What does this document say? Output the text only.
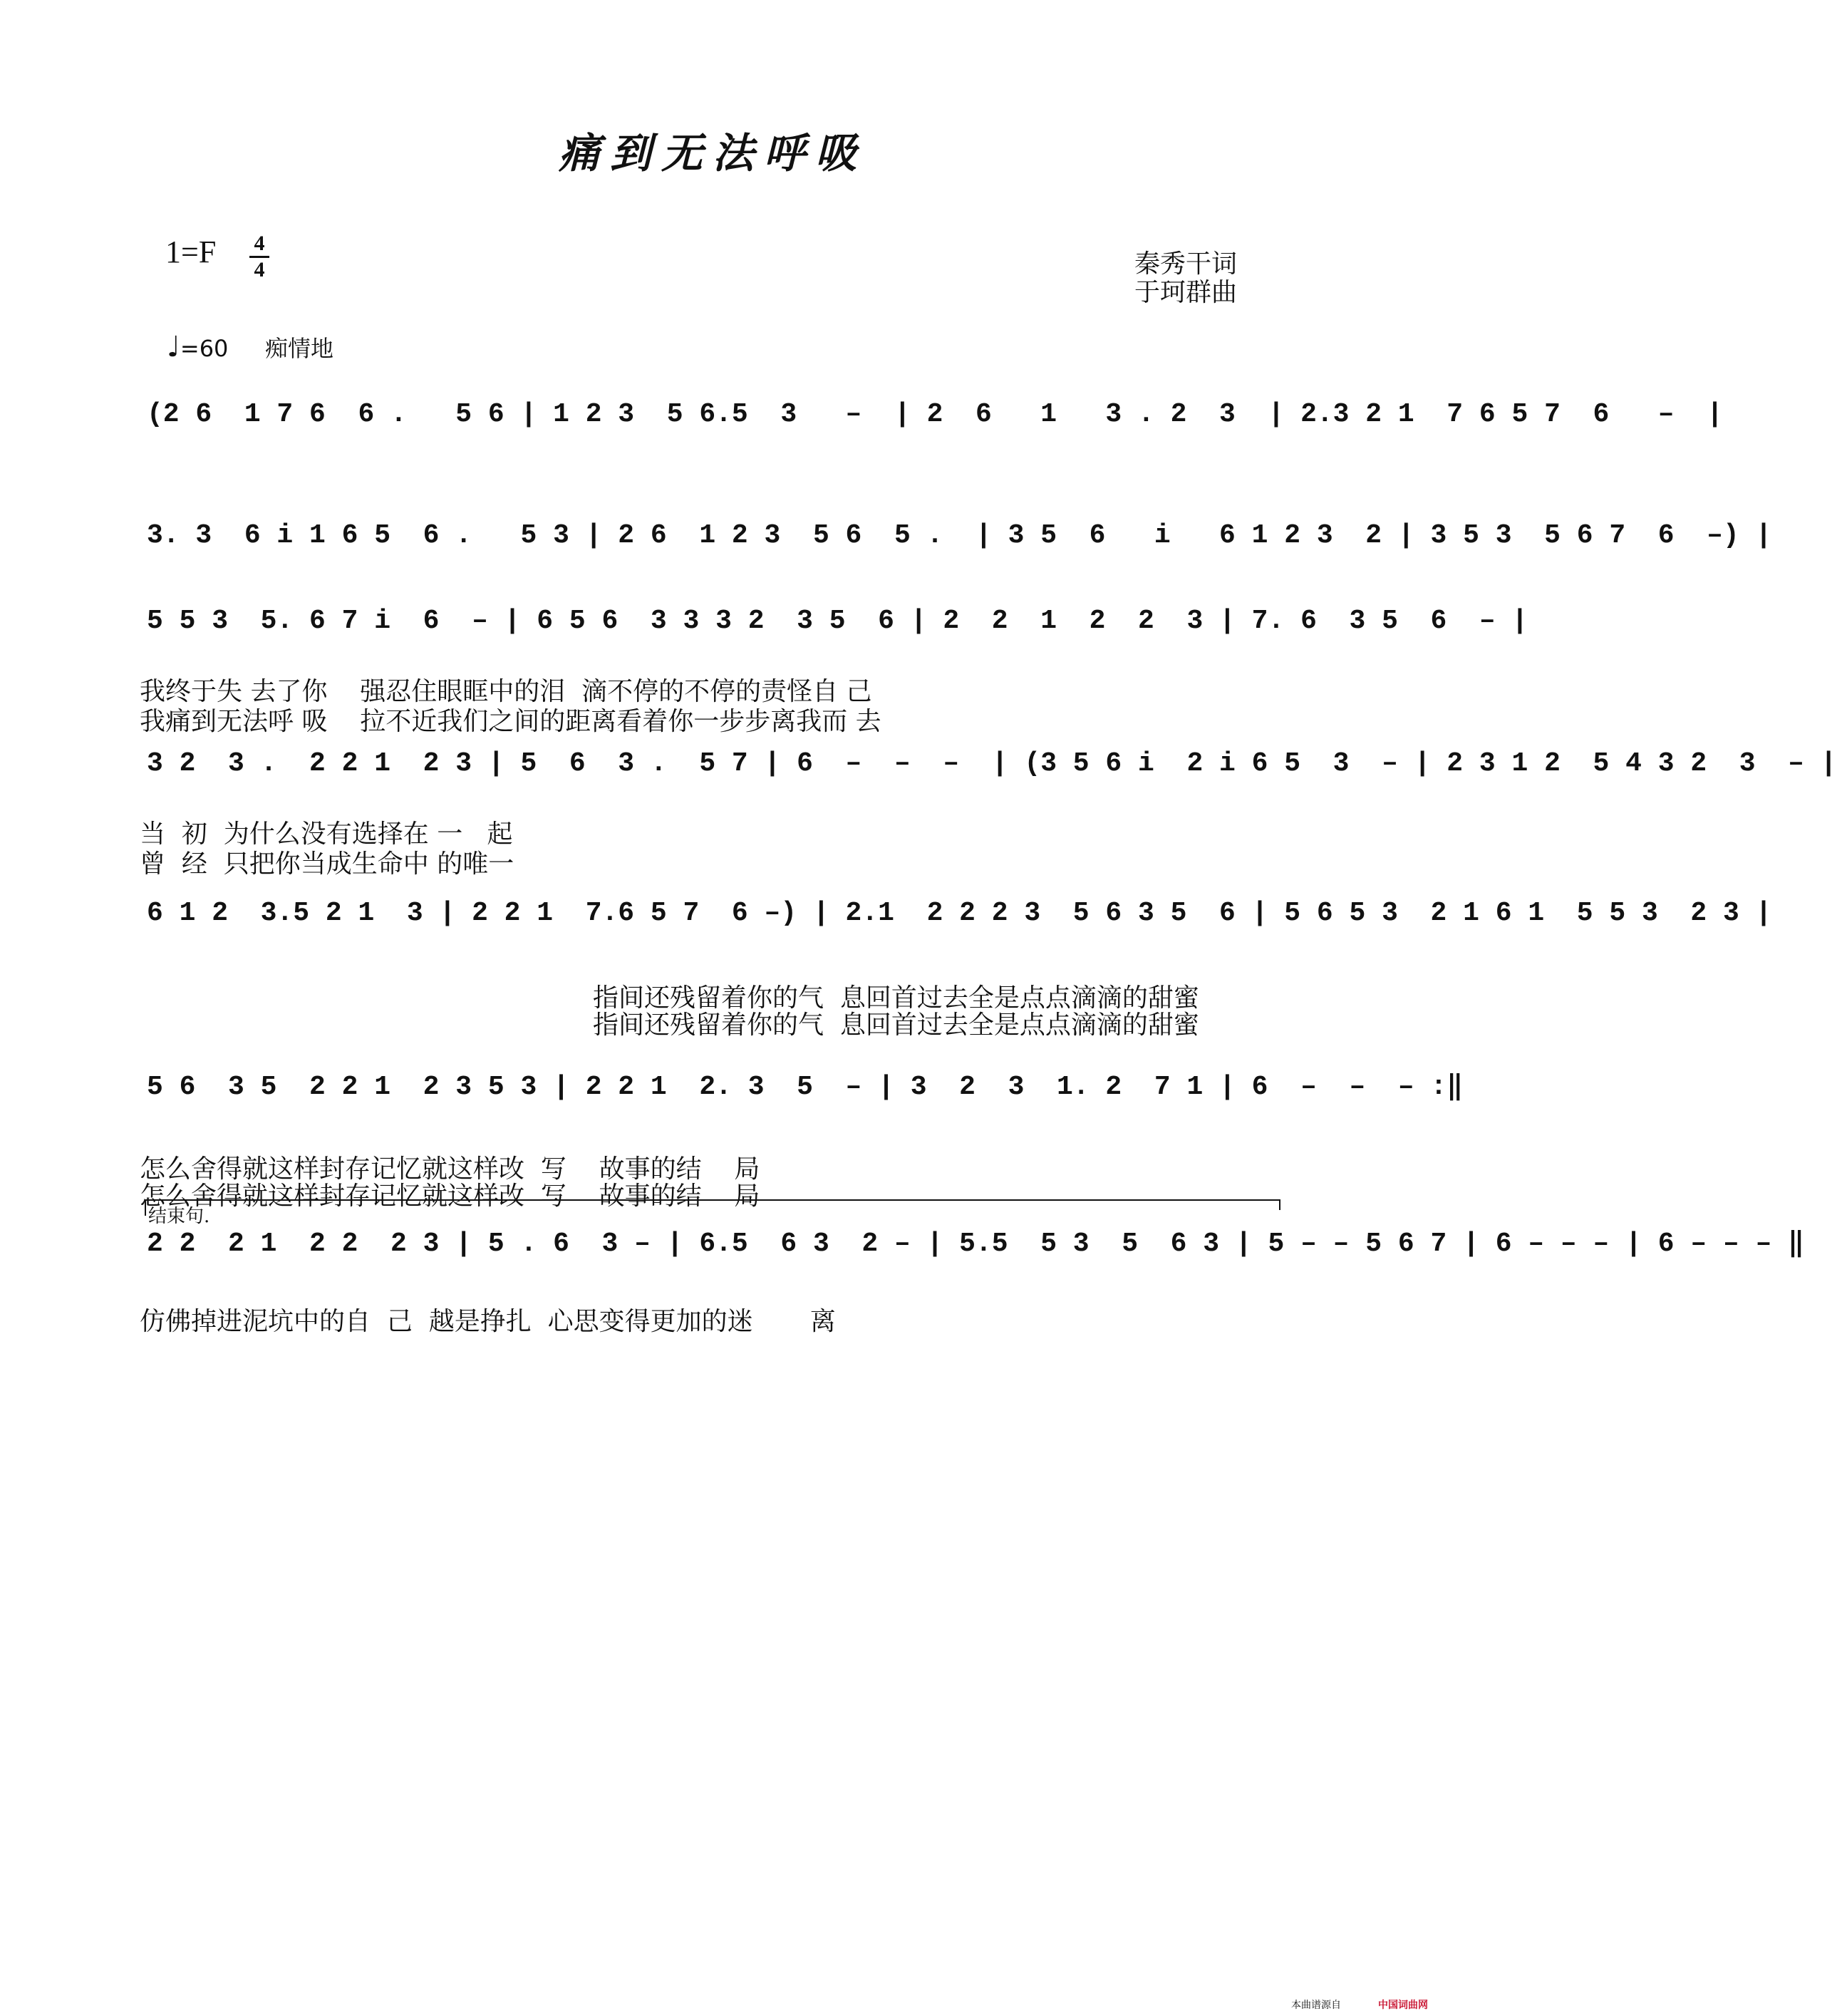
痛到无法呼吸
1=F 4
4	秦秀干词
于珂群曲
♩=60 痴情地
结束句.
(2 6  1 7 6  6 .   5 6 | 1 2 3  5 6.5  3   –  | 2  6   1   3 . 2  3  | 2.3 2 1  7 6 5 7  6   –  |
3. 3  6 i 1 6 5  6 .   5 3 | 2 6  1 2 3  5 6  5 .  | 3 5  6   i   6 1 2 3  2 | 3 5 3  5 6 7  6  –) |
5 5 3  5. 6 7 i  6  – | 6 5 6  3 3 3 2  3 5  6 | 2  2  1  2  2  3 | 7. 6  3 5  6  – |
我终于失 去了你    强忍住眼眶中的泪  滴不停的不停的责怪自 己
我痛到无法呼 吸    拉不近我们之间的距离看着你一步步离我而 去
3 2  3 .  2 2 1  2 3 | 5  6  3 .  5 7 | 6  –  –  –  | (3 5 6 i  2 i 6 5  3  – | 2 3 1 2  5 4 3 2  3  – |
当  初  为什么没有选择在 一   起
曾  经  只把你当成生命中 的唯一
6 1 2  3.5 2 1  3 | 2 2 1  7.6 5 7  6 –) | 2.1  2 2 2 3  5 6 3 5  6 | 5 6 5 3  2 1 6 1  5 5 3  2 3 |
指间还残留着你的气  息回首过去全是点点滴滴的甜蜜
指间还残留着你的气  息回首过去全是点点滴滴的甜蜜
5 6  3 5  2 2 1  2 3 5 3 | 2 2 1  2. 3  5  – | 3  2  3  1. 2  7 1 | 6  –  –  – :‖
怎么舍得就这样封存记忆就这样改  写    故事的结    局
怎么舍得就这样封存记忆就这样改  写    故事的结    局
2 2  2 1  2 2  2 3 | 5 . 6  3 – | 6.5  6 3  2 – | 5.5  5 3  5  6 3 | 5 – – 5 6 7 | 6 – – – | 6 – – – ‖
仿佛掉进泥坑中的自  己  越是挣扎  心思变得更加的迷       离
本曲谱源自	中国词曲网
